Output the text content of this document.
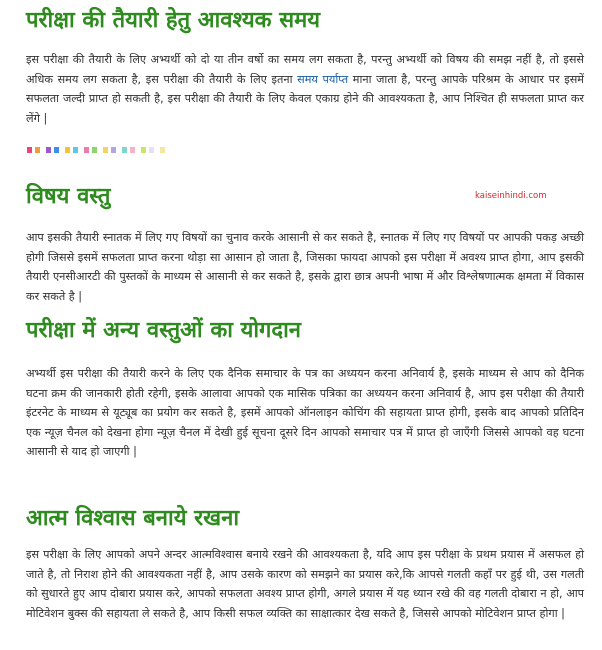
परीक्षा की तैयारी हेतु आवश्यक समय

इस परीक्षा की तैयारी के लिए अभ्यर्थी को दो या तीन वर्षो का समय लग सकता है, परन्तु अभ्यर्थी को विषय की समझ नहीं है, तो इससे अधिक समय लग सकता है, इस परीक्षा की तैयारी के लिए इतना समय पर्याप्त माना जाता है, परन्तु आपके परिश्रम के आधार पर इसमें सफलता जल्दी प्राप्त हो सकती है, इस परीक्षा की तैयारी के लिए केवल एकाग्र होने की आवश्यकता है, आप निश्चित ही सफलता प्राप्त कर लेंगे |

विषय वस्तु	kaiseinhindi.com

आप इसकी तैयारी स्नातक में लिए गए विषयों का चुनाव करके आसानी से कर सकते है, स्नातक में लिए गए विषयों पर आपकी पकड़ अच्छी होगी जिससे इसमें सफलता प्राप्त करना थोड़ा सा आसान हो जाता है, जिसका फायदा आपको इस परीक्षा में अवश्य प्राप्त होगा, आप इसकी तैयारी एनसीआरटी की पुस्तकों के माध्यम से आसानी से कर सकते है, इसके द्वारा छात्र अपनी भाषा में और विश्लेषणात्मक क्षमता में विकास कर सकते है |

परीक्षा में अन्य वस्तुओं का योगदान

अभ्यर्थी इस परीक्षा की तैयारी करने के लिए एक दैनिक समाचार के पत्र का अध्ययन करना अनिवार्य है, इसके माध्यम से आप को दैनिक घटना क्रम की जानकारी होती रहेगी, इसके आलावा आपको एक मासिक पत्रिका का अध्ययन करना अनिवार्य है, आप इस परीक्षा की तैयारी इंटरनेट के माध्यम से यूट्यूब का प्रयोग कर सकते है, इसमें आपको ऑनलाइन कोचिंग की सहायता प्राप्त होगी, इसके बाद आपको प्रतिदिन एक न्यूज़ चैनल को देखना होगा न्यूज़ चैनल में देखी हुई सूचना दूसरे दिन आपको समाचार पत्र में प्राप्त हो जाएँगी जिससे आपको वह घटना आसानी से याद हो जाएगी |

आत्म विश्वास बनाये रखना

इस परीक्षा के लिए आपको अपने अन्दर आत्मविश्वास बनाये रखने की आवश्यकता है, यदि आप इस परीक्षा के प्रथम प्रयास में असफल हो जाते है, तो निराश होने की आवश्यकता नहीं है, आप उसके कारण को समझने का प्रयास करे,कि आपसे गलती कहाँ पर हुई थी, उस गलती को सुधारते हुए आप दोबारा प्रयास करे, आपको सफलता अवश्य प्राप्त होगी, अगले प्रयास में यह ध्यान रखे की वह गलती दोबारा न हो, आप मोटिवेशन बुक्स की सहायता ले सकते है, आप किसी सफल व्यक्ति का साक्षात्कार देख सकते है, जिससे आपको मोटिवेशन प्राप्त होगा |
